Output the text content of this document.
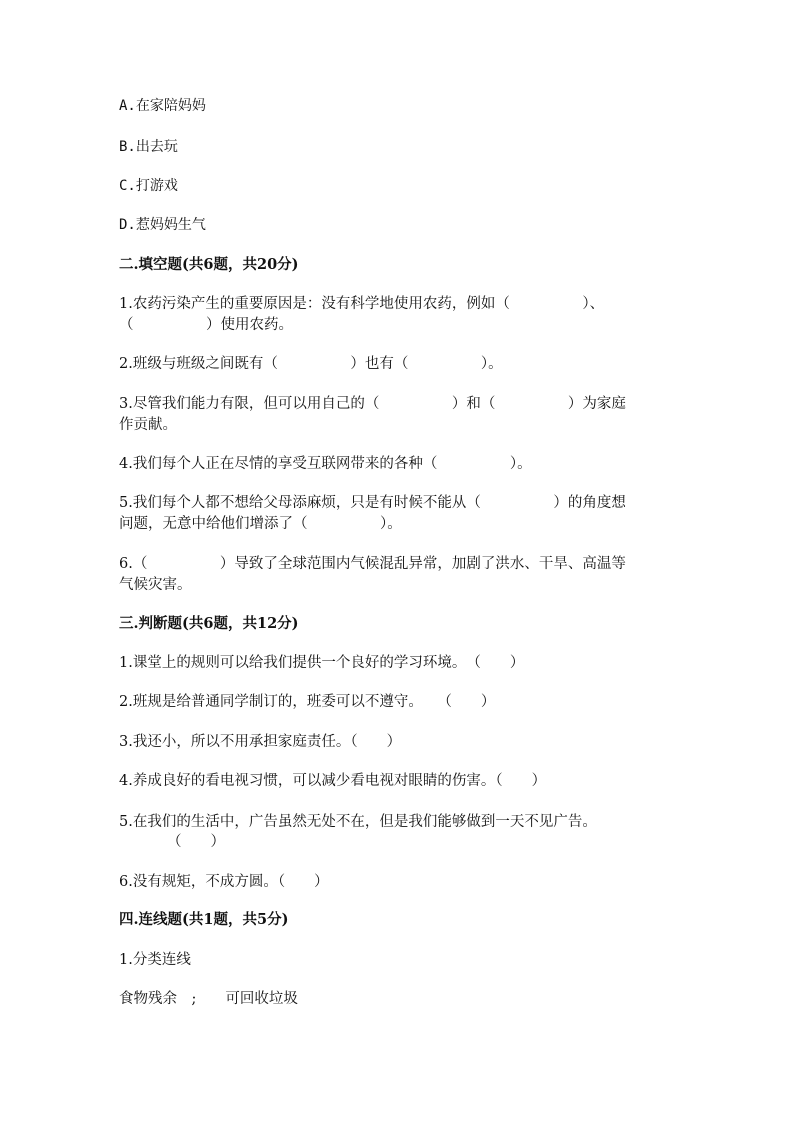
A.在家陪妈妈
B.出去玩
C.打游戏
D.惹妈妈生气
二.填空题(共6题，共20分)
1.农药污染产生的重要原因是：没有科学地使用农药，例如（　　　　　）、
（　　　　　）使用农药。
2.班级与班级之间既有（　　　　　）也有（　　　　　）。
3.尽管我们能力有限，但可以用自己的（　　　　　）和（　　　　　）为家庭
作贡献。
4.我们每个人正在尽情的享受互联网带来的各种（　　　　　）。
5.我们每个人都不想给父母添麻烦，只是有时候不能从（　　　　　）的角度想
问题，无意中给他们增添了（　　　　　）。
6.（　　　　　）导致了全球范围内气候混乱异常，加剧了洪水、干旱、高温等
气候灾害。
三.判断题(共6题，共12分)
1.课堂上的规则可以给我们提供一个良好的学习环境。　（　　）
2.班规是给普通同学制订的，班委可以不遵守。　　（　　）
3.我还小，所以不用承担家庭责任。（　　）
4.养成良好的看电视习惯，可以减少看电视对眼睛的伤害。（　　）
5.在我们的生活中，广告虽然无处不在，但是我们能够做到一天不见广告。
（　　）
6.没有规矩，不成方圆。（　　）
四.连线题(共1题，共5分)
1.分类连线
食物残余　;　　可回收垃圾
